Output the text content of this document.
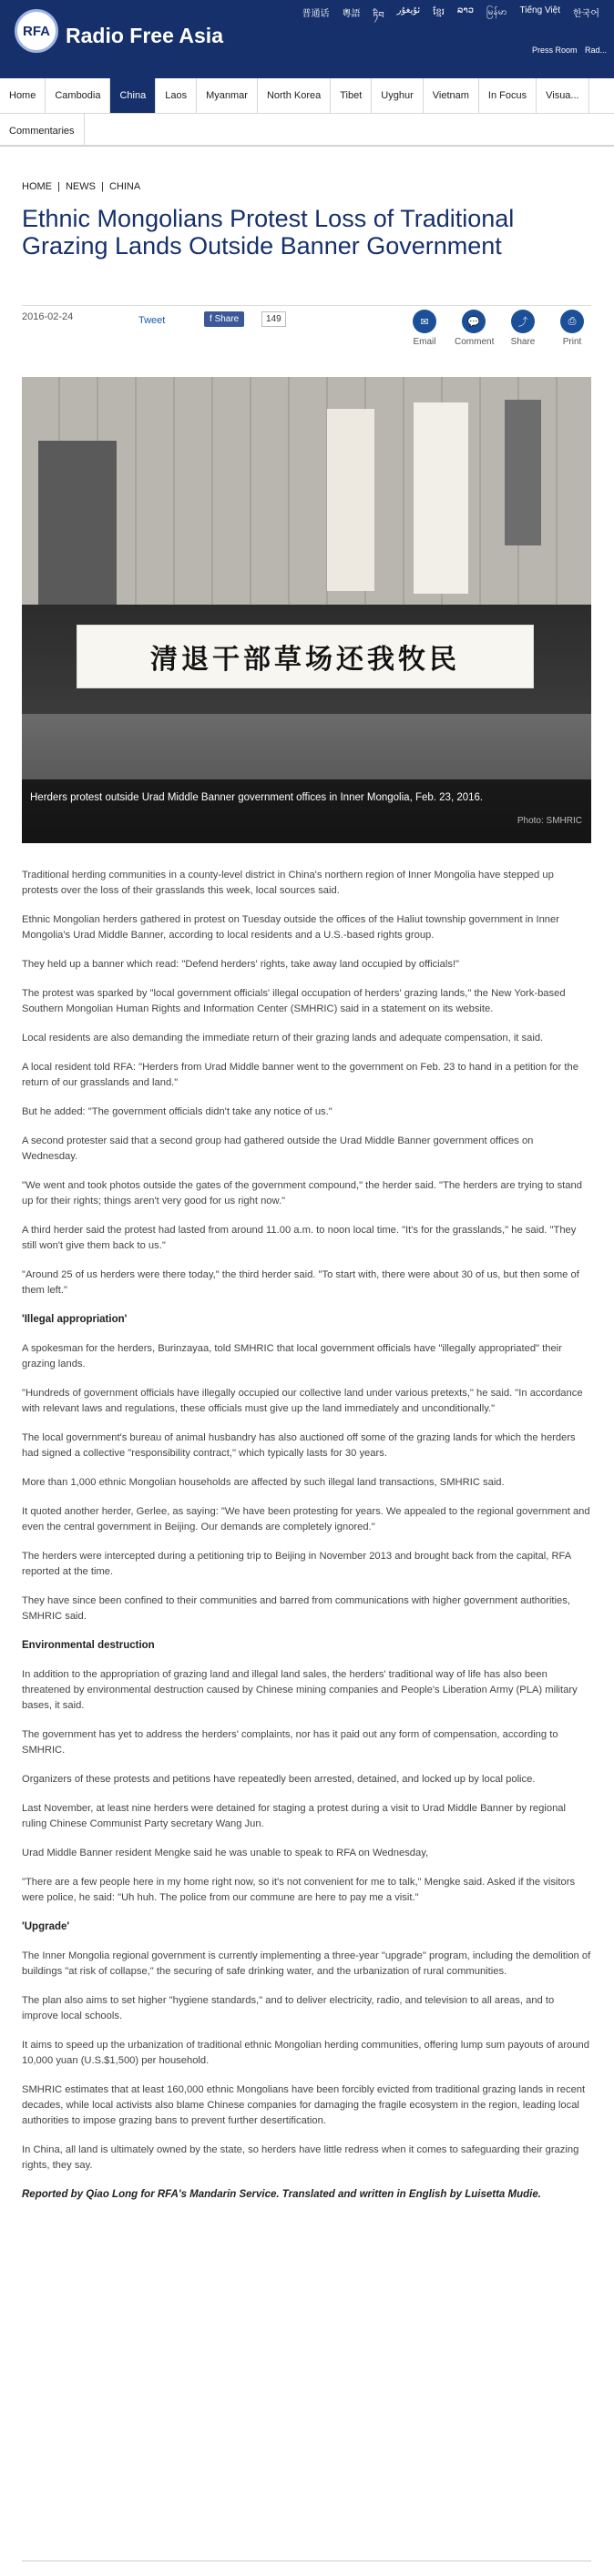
RFA Radio Free Asia
普通话 粵語 ཏིབ
ئۇيغۇر ខ្មែរ ລາວ မြန်မာ Tiếng Việt 한국어
Press Room Rad...
Home	Cambodia	China	Laos	Myanmar	North Korea	Tibet	Uyghur	Vietnam	In Focus	Visua...
Commentaries
HOME | NEWS | CHINA
Ethnic Mongolians Protest Loss of Traditional Grazing Lands Outside Banner Government
2016-02-24	Tweet	f Share	149	✉
Email
💬
Comment
⤴
Share
⎙
Print
清退干部草场还我牧民
Herders protest outside Urad Middle Banner government offices in Inner Mongolia, Feb. 23, 2016.
Photo: SMHRIC

Traditional herding communities in a county-level district in China's northern region of Inner Mongolia have stepped up protests over the loss of their grasslands this week, local sources said.

Ethnic Mongolian herders gathered in protest on Tuesday outside the offices of the Haliut township government in Inner Mongolia's Urad Middle Banner, according to local residents and a U.S.-based rights group.

They held up a banner which read: "Defend herders' rights, take away land occupied by officials!"

The protest was sparked by "local government officials' illegal occupation of herders' grazing lands," the New York-based Southern Mongolian Human Rights and Information Center (SMHRIC) said in a statement on its website.

Local residents are also demanding the immediate return of their grazing lands and adequate compensation, it said.

A local resident told RFA: "Herders from Urad Middle banner went to the government on Feb. 23 to hand in a petition for the return of our grasslands and land."

But he added: "The government officials didn't take any notice of us."

A second protester said that a second group had gathered outside the Urad Middle Banner government offices on Wednesday.

"We went and took photos outside the gates of the government compound," the herder said. "The herders are trying to stand up for their rights; things aren't very good for us right now."

A third herder said the protest had lasted from around 11.00 a.m. to noon local time. "It's for the grasslands," he said. "They still won't give them back to us."

"Around 25 of us herders were there today," the third herder said. "To start with, there were about 30 of us, but then some of them left."

'Illegal appropriation'

A spokesman for the herders, Burinzayaa, told SMHRIC that local government officials have "illegally appropriated" their grazing lands.

"Hundreds of government officials have illegally occupied our collective land under various pretexts," he said. "In accordance with relevant laws and regulations, these officials must give up the land immediately and unconditionally."

The local government's bureau of animal husbandry has also auctioned off some of the grazing lands for which the herders had signed a collective "responsibility contract," which typically lasts for 30 years.

More than 1,000 ethnic Mongolian households are affected by such illegal land transactions, SMHRIC said.

It quoted another herder, Gerlee, as saying: "We have been protesting for years. We appealed to the regional government and even the central government in Beijing. Our demands are completely ignored."

The herders were intercepted during a petitioning trip to Beijing in November 2013 and brought back from the capital, RFA reported at the time.

They have since been confined to their communities and barred from communications with higher government authorities, SMHRIC said.

Environmental destruction

In addition to the appropriation of grazing land and illegal land sales, the herders' traditional way of life has also been threatened by environmental destruction caused by Chinese mining companies and People's Liberation Army (PLA) military bases, it said.

The government has yet to address the herders' complaints, nor has it paid out any form of compensation, according to SMHRIC.

Organizers of these protests and petitions have repeatedly been arrested, detained, and locked up by local police.

Last November, at least nine herders were detained for staging a protest during a visit to Urad Middle Banner by regional ruling Chinese Communist Party secretary Wang Jun.

Urad Middle Banner resident Mengke said he was unable to speak to RFA on Wednesday,

"There are a few people here in my home right now, so it's not convenient for me to talk," Mengke said. Asked if the visitors were police, he said: "Uh huh. The police from our commune are here to pay me a visit."

'Upgrade'

The Inner Mongolia regional government is currently implementing a three-year "upgrade" program, including the demolition of buildings "at risk of collapse," the securing of safe drinking water, and the urbanization of rural communities.

The plan also aims to set higher "hygiene standards," and to deliver electricity, radio, and television to all areas, and to improve local schools.

It aims to speed up the urbanization of traditional ethnic Mongolian herding communities, offering lump sum payouts of around 10,000 yuan (U.S.$1,500) per household.

SMHRIC estimates that at least 160,000 ethnic Mongolians have been forcibly evicted from traditional grazing lands in recent decades, while local activists also blame Chinese companies for damaging the fragile ecosystem in the region, leading local authorities to impose grazing bans to prevent further desertification.

In China, all land is ultimately owned by the state, so herders have little redress when it comes to safeguarding their grazing rights, they say.

Reported by Qiao Long for RFA's Mandarin Service. Translated and written in English by Luisetta Mudie.
